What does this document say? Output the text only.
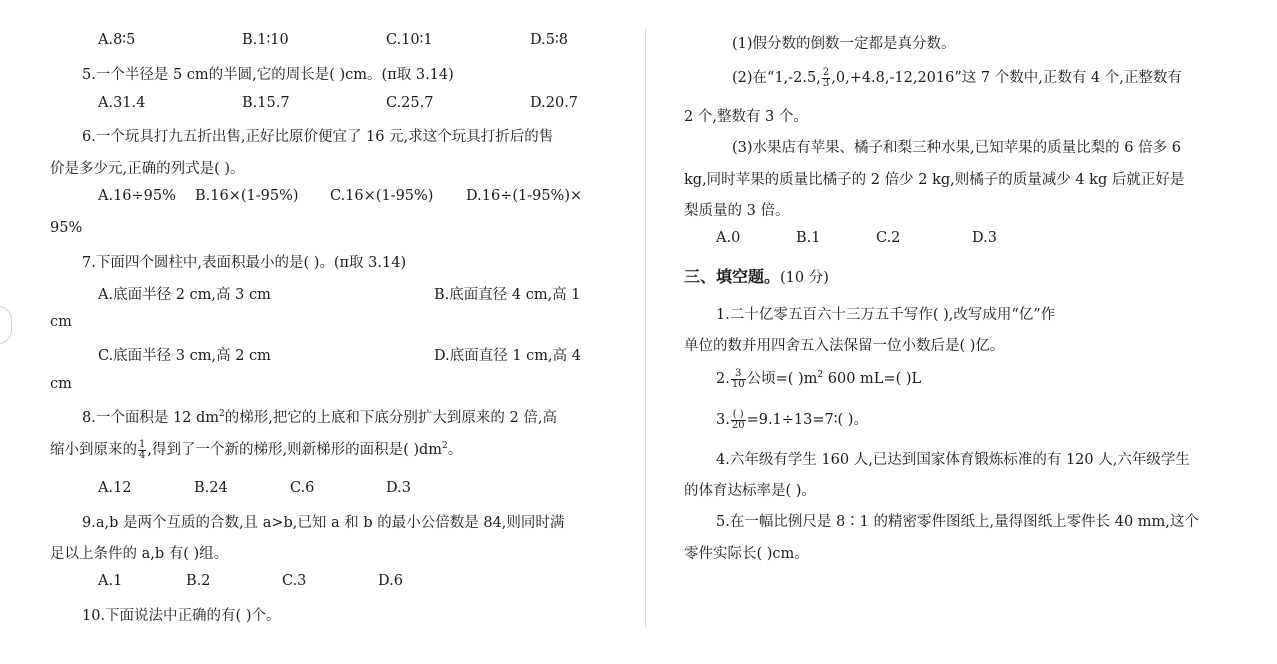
A.8∶5	B.1∶10	C.10∶1	D.5∶8
5.一个半径是 5 cm的半圆,它的周长是( )cm。(π取 3.14)
A.31.4	B.15.7	C.25.7	D.20.7
6.一个玩具打九五折出售,正好比原价便宜了 16 元,求这个玩具打折后的售
价是多少元,正确的列式是( )。
A.16÷95% B.16×(1-95%) C.16×(1-95%) D.16÷(1-95%)×
95%
7.下面四个圆柱中,表面积最小的是( )。(π取 3.14)
A.底面半径 2 cm,高 3 cm	B.底面直径 4 cm,高 1
cm
C.底面半径 3 cm,高 2 cm	D.底面直径 1 cm,高 4
cm
8.一个面积是 12 $dm^2$的梯形,把它的上底和下底分别扩大到原来的 2 倍,高
缩小到原来的 $\frac{1}{4}$ ,得到了一个新的梯形,则新梯形的面积是( )$dm^2$。
A.12	B.24	C.6	D.3
9.a,b 是两个互质的合数,且 a>b,已知 a 和 b 的最小公倍数是 84,则同时满
足以上条件的 a,b 有( )组。
A.1	B.2	C.3	D.6
10.下面说法中正确的有( )个。
(1)假分数的倒数一定都是真分数。
(2)在“1,-2.5, $\frac{2}{3} ,0,+4.8,-12,2016$”这 7 个数中,正数有 4 个,正整数有
2 个,整数有 3 个。
(3)水果店有苹果、橘子和梨三种水果,已知苹果的质量比梨的 6 倍多 6
kg,同时苹果的质量比橘子的 2 倍少 2 kg,则橘子的质量减少 4 kg 后就正好是
梨质量的 3 倍。
A.0	B.1	C.2	D.3
三、填空题。(10 分)
1.二十亿零五百六十三万五千写作( ),改写成用“亿”作
单位的数并用四舍五入法保留一位小数后是( )亿。
2. $\frac{3}{10}$ 公顷=( )$m^2$ 600 mL=( )L
3. $\frac{( )}{20}$ =9.1÷13=7∶( )。
4.六年级有学生 160 人,已达到国家体育锻炼标准的有 120 人,六年级学生
的体育达标率是( )。
5.在一幅比例尺是 8∶1 的精密零件图纸上,量得图纸上零件长 40 mm,这个
零件实际长( )cm。
